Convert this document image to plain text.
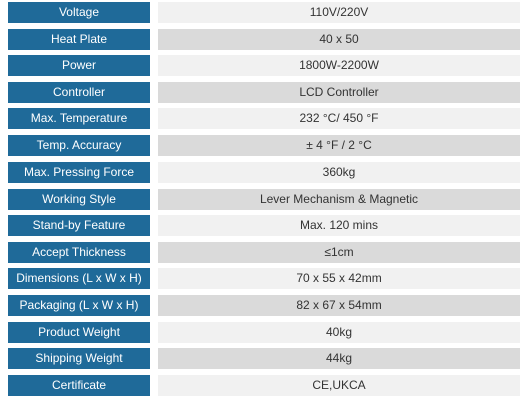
Voltage	110V/220V
Heat Plate	40 x 50
Power	1800W-2200W
Controller	LCD Controller
Max. Temperature	232 °C/ 450 °F
Temp. Accuracy	± 4 °F / 2 °C
Max. Pressing Force	360kg
Working Style	Lever Mechanism & Magnetic
Stand-by Feature	Max. 120 mins
Accept Thickness	≤1cm
Dimensions (L x W x H)	70 x 55 x 42mm
Packaging (L x W x H)	82 x 67 x 54mm
Product Weight	40kg
Shipping Weight	44kg
Certificate	CE,UKCA
